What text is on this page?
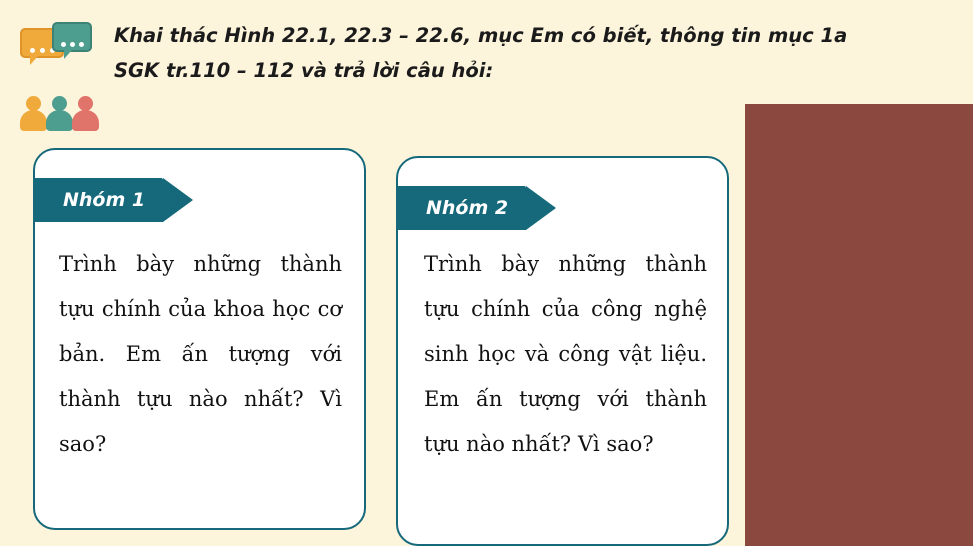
Khai thác Hình 22.1, 22.3 – 22.6, mục Em có biết, thông tin mục 1a
SGK tr.110 – 112 và trả lời câu hỏi:
Nhóm 1
Trình bày những thành tựu chính của khoa học cơ bản. Em ấn tượng với thành tựu nào nhất? Vì sao?
Nhóm 2
Trình bày những thành tựu chính của công nghệ sinh học và công vật liệu. Em ấn tượng với thành tựu nào nhất? Vì sao?
